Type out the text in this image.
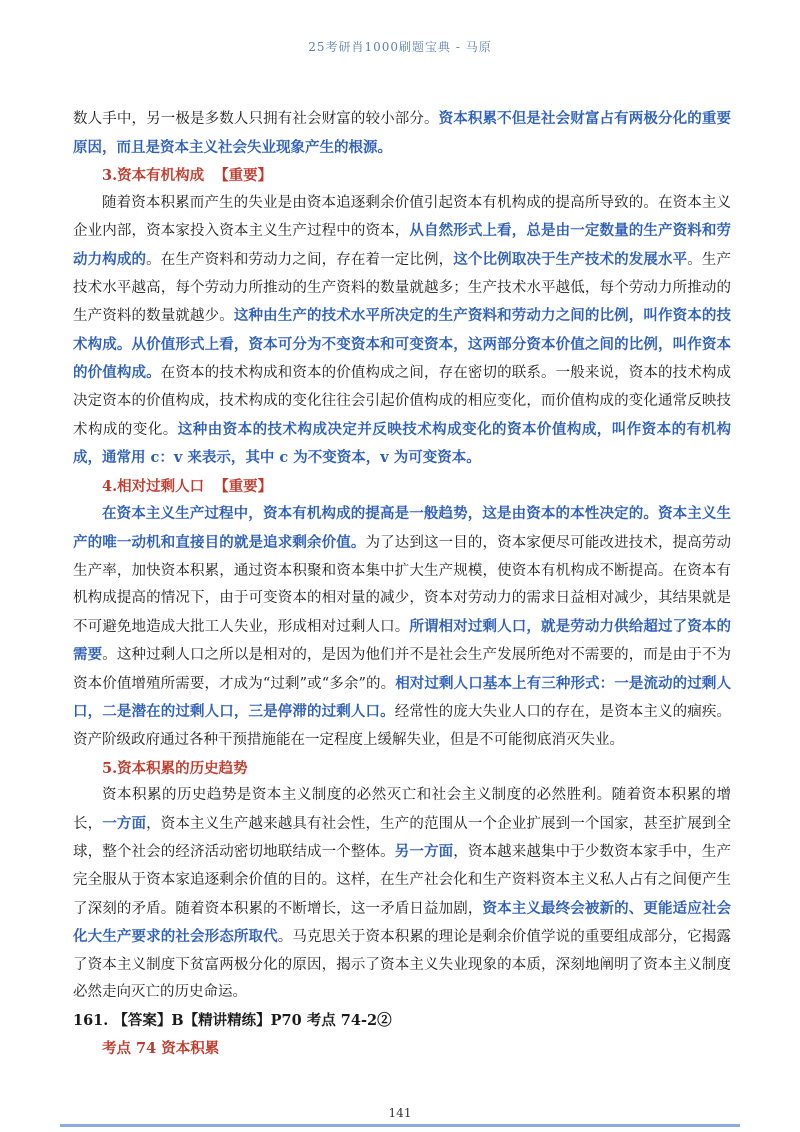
25考研肖1000刷题宝典 - 马原

数人手中，另一极是多数人只拥有社会财富的较小部分。资本积累不但是社会财富占有两极分化的重要原因，而且是资本主义社会失业现象产生的根源。

3.资本有机构成 【重要】

随着资本积累而产生的失业是由资本追逐剩余价值引起资本有机构成的提高所导致的。在资本主义企业内部，资本家投入资本主义生产过程中的资本，从自然形式上看，总是由一定数量的生产资料和劳动力构成的。在生产资料和劳动力之间，存在着一定比例，这个比例取决于生产技术的发展水平。生产技术水平越高，每个劳动力所推动的生产资料的数量就越多；生产技术水平越低，每个劳动力所推动的生产资料的数量就越少。这种由生产的技术水平所决定的生产资料和劳动力之间的比例，叫作资本的技术构成。从价值形式上看，资本可分为不变资本和可变资本，这两部分资本价值之间的比例，叫作资本的价值构成。在资本的技术构成和资本的价值构成之间，存在密切的联系。一般来说，资本的技术构成决定资本的价值构成，技术构成的变化往往会引起价值构成的相应变化，而价值构成的变化通常反映技术构成的变化。这种由资本的技术构成决定并反映技术构成变化的资本价值构成，叫作资本的有机构成，通常用 c：v 来表示，其中 c 为不变资本，v 为可变资本。

4.相对过剩人口 【重要】

在资本主义生产过程中，资本有机构成的提高是一般趋势，这是由资本的本性决定的。资本主义生产的唯一动机和直接目的就是追求剩余价值。为了达到这一目的，资本家便尽可能改进技术，提高劳动生产率，加快资本积累，通过资本积聚和资本集中扩大生产规模，使资本有机构成不断提高。在资本有机构成提高的情况下，由于可变资本的相对量的减少，资本对劳动力的需求日益相对减少，其结果就是不可避免地造成大批工人失业，形成相对过剩人口。所谓相对过剩人口，就是劳动力供给超过了资本的需要。这种过剩人口之所以是相对的，是因为他们并不是社会生产发展所绝对不需要的，而是由于不为资本价值增殖所需要，才成为“过剩”或“多余”的。相对过剩人口基本上有三种形式：一是流动的过剩人口，二是潜在的过剩人口，三是停滞的过剩人口。经常性的庞大失业人口的存在，是资本主义的痼疾。资产阶级政府通过各种干预措施能在一定程度上缓解失业，但是不可能彻底消灭失业。

5.资本积累的历史趋势

资本积累的历史趋势是资本主义制度的必然灭亡和社会主义制度的必然胜利。随着资本积累的增长，一方面，资本主义生产越来越具有社会性，生产的范围从一个企业扩展到一个国家，甚至扩展到全球，整个社会的经济活动密切地联结成一个整体。另一方面，资本越来越集中于少数资本家手中，生产完全服从于资本家追逐剩余价值的目的。这样，在生产社会化和生产资料资本主义私人占有之间便产生了深刻的矛盾。随着资本积累的不断增长，这一矛盾日益加剧，资本主义最终会被新的、更能适应社会化大生产要求的社会形态所取代。马克思关于资本积累的理论是剩余价值学说的重要组成部分，它揭露了资本主义制度下贫富两极分化的原因，揭示了资本主义失业现象的本质，深刻地阐明了资本主义制度必然走向灭亡的历史命运。

161. 【答案】B【精讲精练】P70 考点 74-2②

考点 74 资本积累

141
